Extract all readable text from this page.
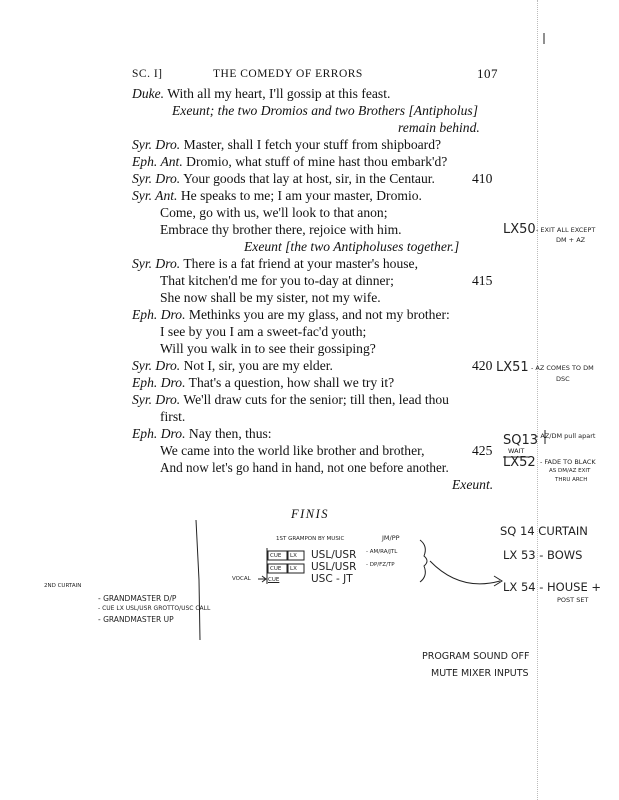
SC. I]	THE COMEDY OF ERRORS	107
Duke. With all my heart, I'll gossip at this feast.
Exeunt; the two Dromios and two Brothers [Antipholus]
remain behind.
Syr. Dro. Master, shall I fetch your stuff from shipboard?
Eph. Ant. Dromio, what stuff of mine hast thou embark'd?
Syr. Dro. Your goods that lay at host, sir, in the Centaur.	410
Syr. Ant. He speaks to me; I am your master, Dromio.
Come, go with us, we'll look to that anon;
Embrace thy brother there, rejoice with him.
Exeunt [the two Antipholuses together.]
Syr. Dro. There is a fat friend at your master's house,
That kitchen'd me for you to-day at dinner;	415
She now shall be my sister, not my wife.
Eph. Dro. Methinks you are my glass, and not my brother:
I see by you I am a sweet-fac'd youth;
Will you walk in to see their gossiping?
Syr. Dro. Not I, sir, you are my elder.	420
Eph. Dro. That's a question, how shall we try it?
Syr. Dro. We'll draw cuts for the senior; till then, lead thou
first.
Eph. Dro. Nay then, thus:
We came into the world like brother and brother,	425
And now let's go hand in hand, not one before another.
Exeunt.
FINIS
LX50 - EXIT ALL EXCEPT
DM + AZ
LX51 - AZ COMES TO DM
DSC
SQ13
- AZ/DM pull apart
WAIT
LX52 - FADE TO BLACK
AS DM/AZ EXIT
THRU ARCH
1ST GRAMPON BY MUSIC	JM/PP
CUE LX USL/USR - AM/RA/JTL
CUE LX USL/USR - DP/FZ/TP
VOCAL	CUE	USC - JT
SQ 14 CURTAIN
LX 53 - BOWS
LX 54 - HOUSE +
POST SET
2ND CURTAIN
- GRANDMASTER D/P
- CUE LX USL/USR GROTTO/USC CALL
- GRANDMASTER UP
PROGRAM SOUND OFF
MUTE MIXER INPUTS
